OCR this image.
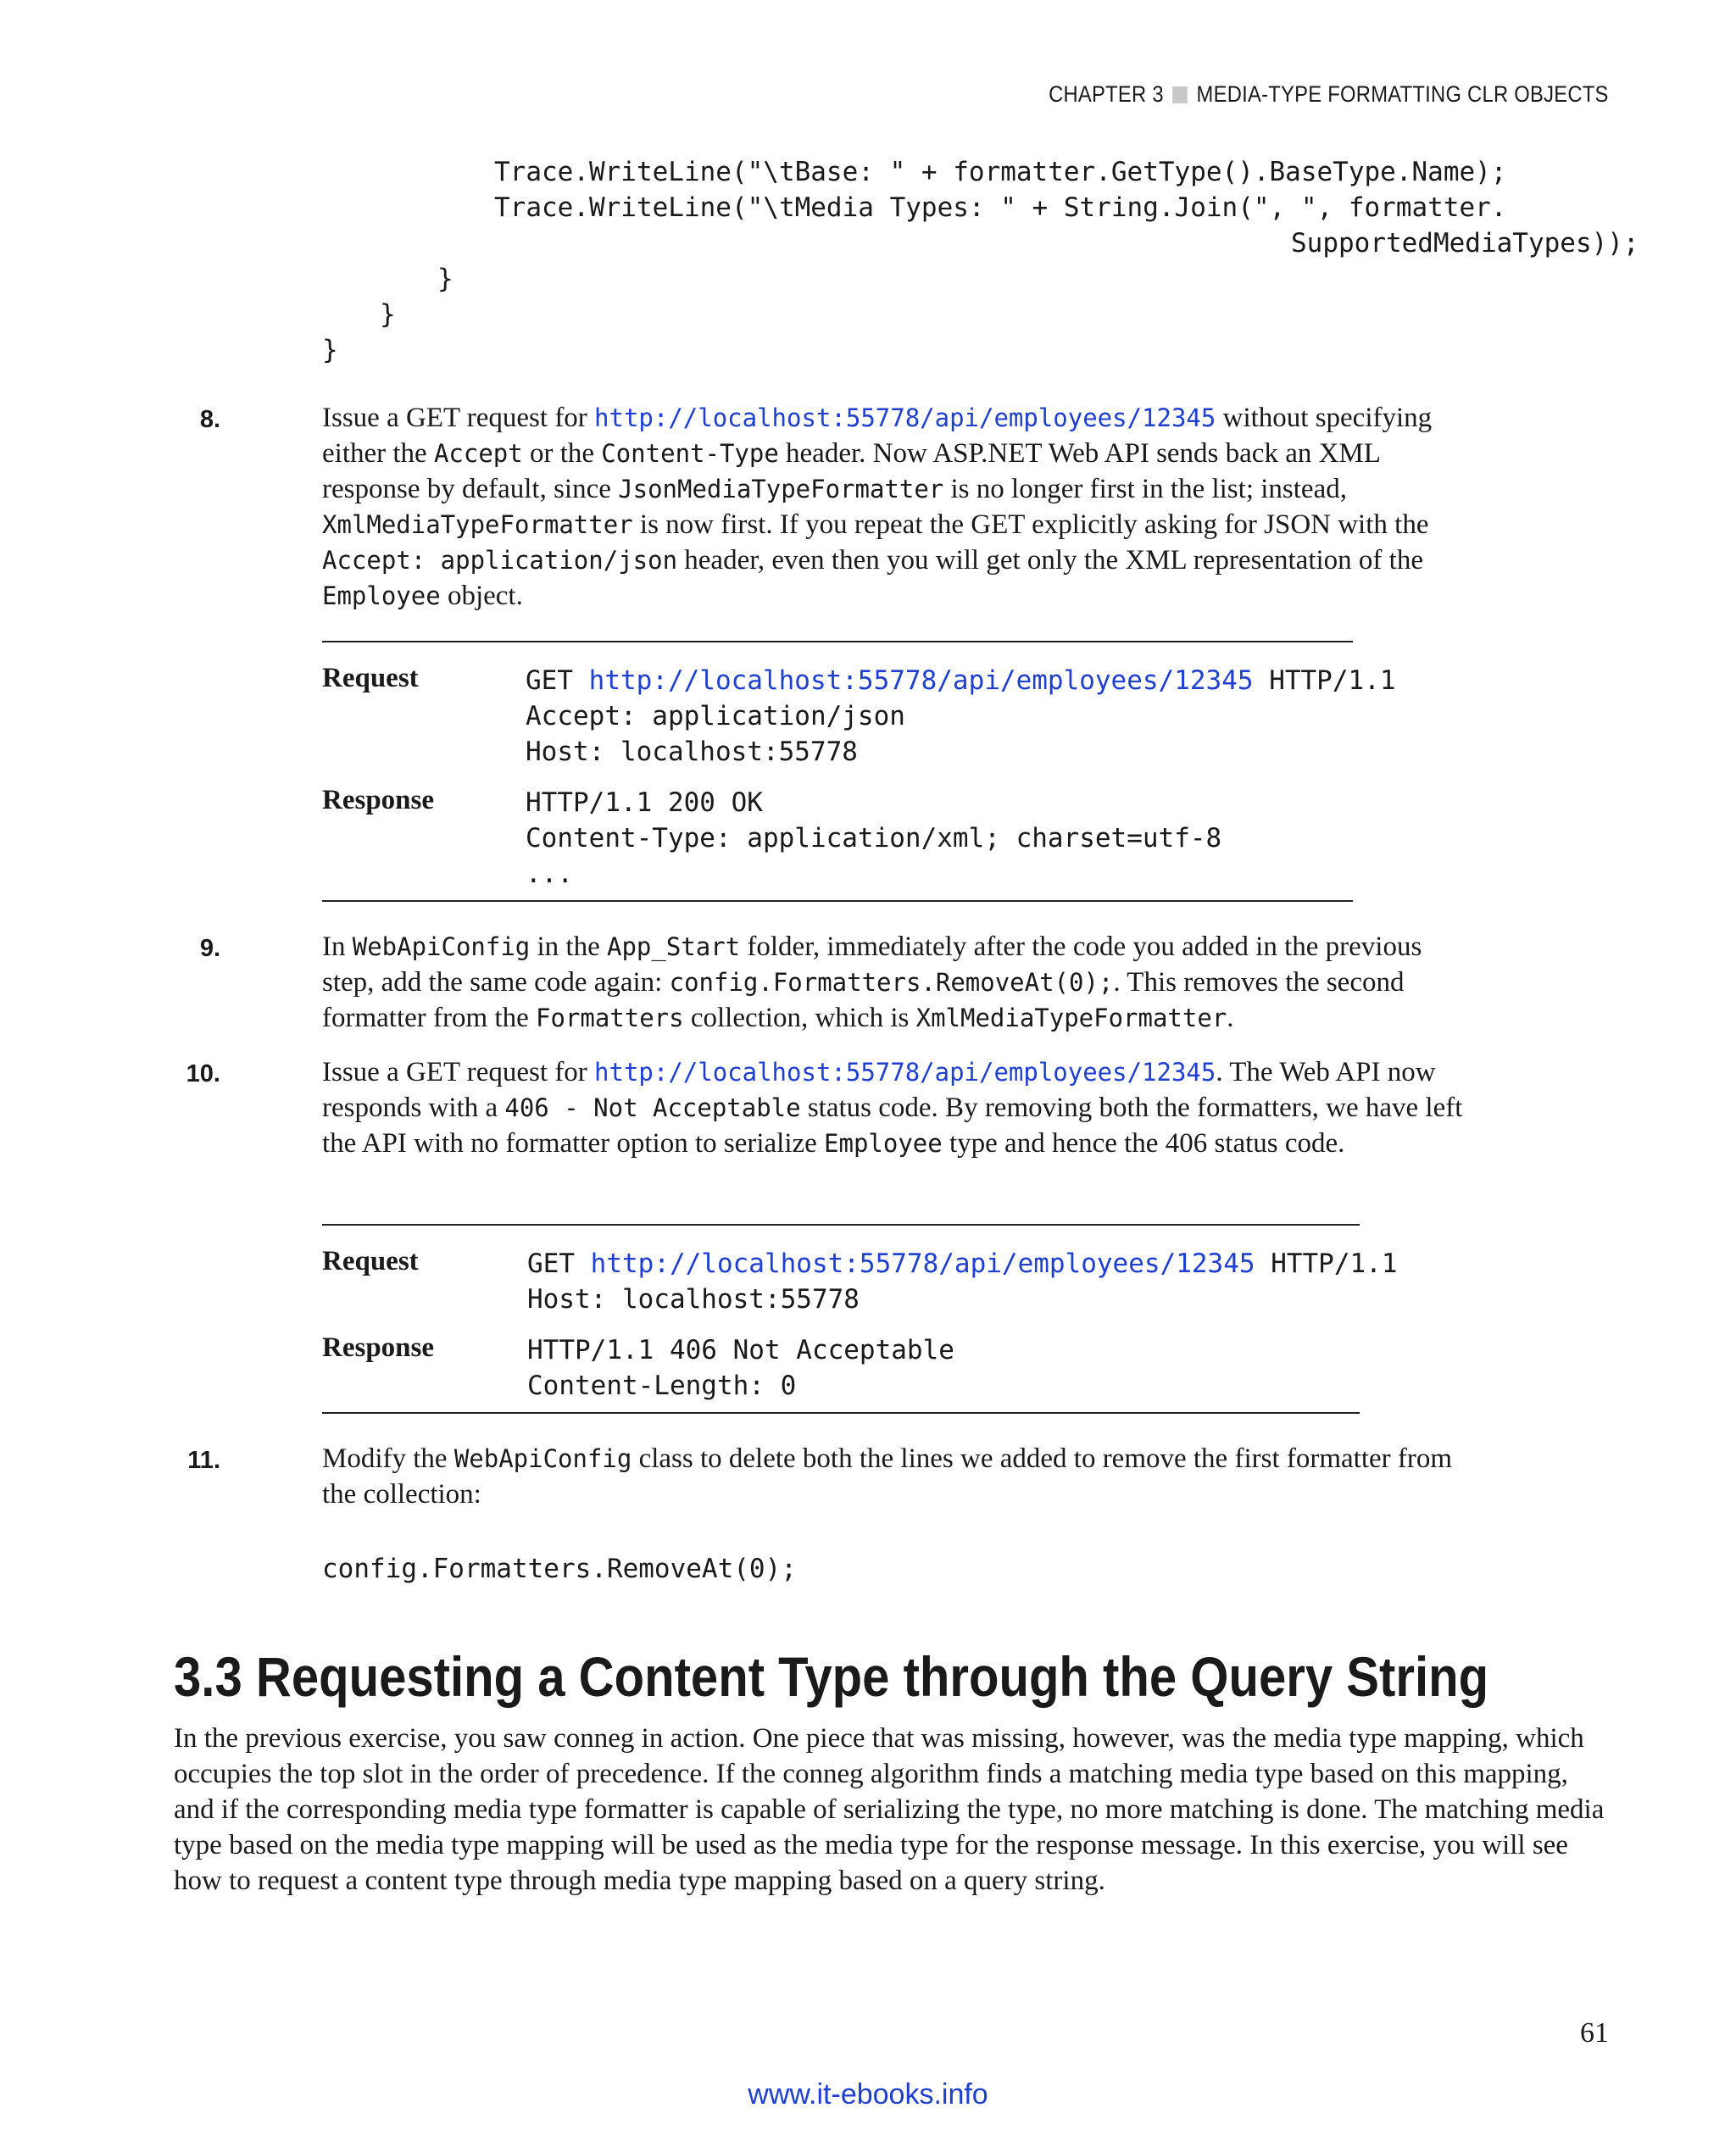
CHAPTER 3 MEDIA-TYPE FORMATTING CLR OBJECTS
Trace.WriteLine("\tBase: " + formatter.GetType().BaseType.Name);
Trace.WriteLine("\tMedia Types: " + String.Join(", ", formatter.
SupportedMediaTypes));
}
}
}
8.	Issue a GET request for http://localhost:55778/api/employees/12345 without specifying either the Accept or the Content-Type header. Now ASP.NET Web API sends back an XML response by default, since JsonMediaTypeFormatter is no longer first in the list; instead, XmlMediaTypeFormatter is now first. If you repeat the GET explicitly asking for JSON with the Accept: application/json header, even then you will get only the XML representation of the Employee object.
Request	GET http://localhost:55778/api/employees/12345 HTTP/1.1
Accept: application/json
Host: localhost:55778
Response	HTTP/1.1 200 OK
Content-Type: application/xml; charset=utf-8
...
9.	In WebApiConfig in the App_Start folder, immediately after the code you added in the previous step, add the same code again: config.Formatters.RemoveAt(0);. This removes the second formatter from the Formatters collection, which is XmlMediaTypeFormatter.
10.	Issue a GET request for http://localhost:55778/api/employees/12345. The Web API now responds with a 406 - Not Acceptable status code. By removing both the formatters, we have left the API with no formatter option to serialize Employee type and hence the 406 status code.
Request	GET http://localhost:55778/api/employees/12345 HTTP/1.1
Host: localhost:55778
Response	HTTP/1.1 406 Not Acceptable
Content-Length: 0
11.	Modify the WebApiConfig class to delete both the lines we added to remove the first formatter from the collection:
config.Formatters.RemoveAt(0);
3.3 Requesting a Content Type through the Query String
In the previous exercise, you saw conneg in action. One piece that was missing, however, was the media type mapping, which occupies the top slot in the order of precedence. If the conneg algorithm finds a matching media type based on this mapping, and if the corresponding media type formatter is capable of serializing the type, no more matching is done. The matching media type based on the media type mapping will be used as the media type for the response message. In this exercise, you will see how to request a content type through media type mapping based on a query string.
61
www.it-ebooks.info
